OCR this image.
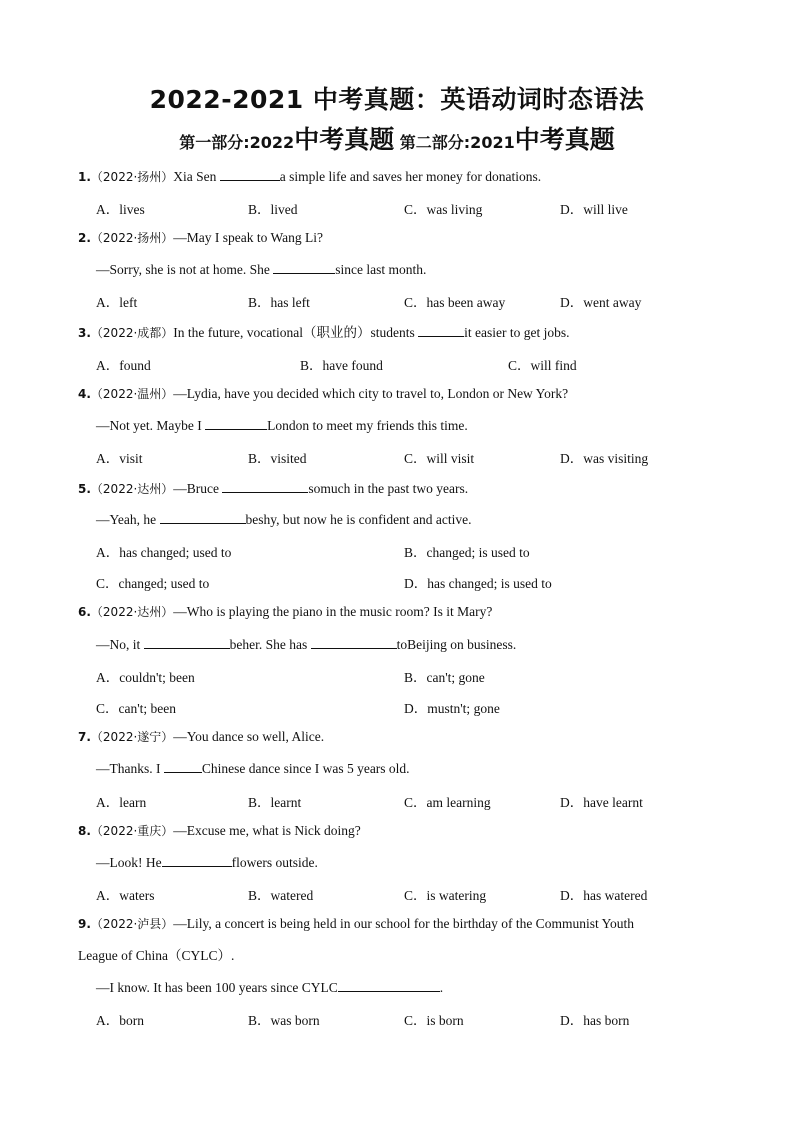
2022-2021 中考真题：英语动词时态语法
第一部分:2022中考真题 第二部分:2021中考真题
1.（2022·扬州）Xia Sen	a simple life and saves her money for donations.
A．lives	B．lived	C．was living	D．will live
2.（2022·扬州）—May I speak to Wang Li?
—Sorry, she is not at home. She	since last month.
A．left	B．has left	C．has been away	D．went away
3.（2022·成都）In the future, vocational（职业的）students	it easier to get jobs.
A．found	B．have found	C．will find
4.（2022·温州）—Lydia, have you decided which city to travel to, London or New York?
—Not yet. Maybe I	London to meet my friends this time.
A．visit	B．visited	C．will visit	D．was visiting
5.（2022·达州）—Bruce	somuch in the past two years.
—Yeah, he	beshy, but now he is confident and active.
A．has changed; used to	B．changed; is used to
C．changed; used to	D．has changed; is used to
6.（2022·达州）—Who is playing the piano in the music room? Is it Mary?
—No, it	beher. She has	toBeijing on business.
A．couldn't; been	B．can't; gone
C．can't; been	D．mustn't; gone
7.（2022·遂宁）—You dance so well, Alice.
—Thanks. I	Chinese dance since I was 5 years old.
A．learn	B．learnt	C．am learning	D．have learnt
8.（2022·重庆）—Excuse me, what is Nick doing?
—Look! He	flowers outside.
A．waters	B．watered	C．is watering	D．has watered
9.（2022·泸县）—Lily, a concert is being held in our school for the birthday of the Communist Youth
League of China（CYLC）.
—I know. It has been 100 years since CYLC	.
A．born	B．was born	C．is born	D．has born
